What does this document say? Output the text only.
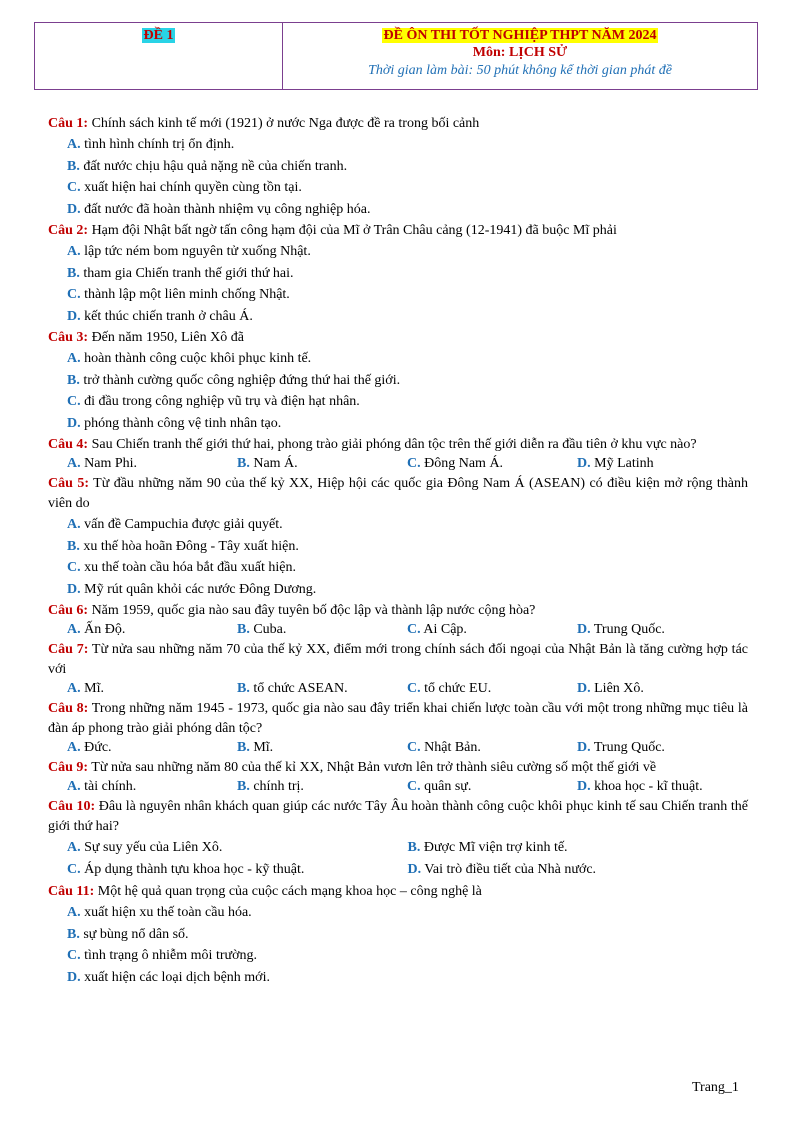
ĐỀ 1	ĐỀ ÔN THI TỐT NGHIỆP THPT NĂM 2024
Môn: LỊCH SỬ
Thời gian làm bài: 50 phút không kể thời gian phát đề
Câu 1: Chính sách kinh tế mới (1921) ở nước Nga được đề ra trong bối cảnh
A. tình hình chính trị ổn định.
B. đất nước chịu hậu quả nặng nề của chiến tranh.
C. xuất hiện hai chính quyền cùng tồn tại.
D. đất nước đã hoàn thành nhiệm vụ công nghiệp hóa.
Câu 2: Hạm đội Nhật bất ngờ tấn công hạm đội của Mĩ ở Trân Châu cảng (12-1941) đã buộc Mĩ phải
A. lập tức ném bom nguyên tử xuống Nhật.
B. tham gia Chiến tranh thế giới thứ hai.
C. thành lập một liên minh chống Nhật.
D. kết thúc chiến tranh ở châu Á.
Câu 3: Đến năm 1950, Liên Xô đã
A. hoàn thành công cuộc khôi phục kinh tế.
B. trở thành cường quốc công nghiệp đứng thứ hai thế giới.
C. đi đầu trong công nghiệp vũ trụ và điện hạt nhân.
D. phóng thành công vệ tinh nhân tạo.
Câu 4: Sau Chiến tranh thế giới thứ hai, phong trào giải phóng dân tộc trên thế giới diễn ra đầu tiên ở khu vực nào?
A. Nam Phi.	B. Nam Á.	C. Đông Nam Á.	D. Mỹ Latinh
Câu 5: Từ đầu những năm 90 của thế kỷ XX, Hiệp hội các quốc gia Đông Nam Á (ASEAN) có điều kiện mở rộng thành viên do
A. vấn đề Campuchia được giải quyết.
B. xu thế hòa hoãn Đông - Tây xuất hiện.
C. xu thế toàn cầu hóa bắt đầu xuất hiện.
D. Mỹ rút quân khỏi các nước Đông Dương.
Câu 6: Năm 1959, quốc gia nào sau đây tuyên bố độc lập và thành lập nước cộng hòa?
A. Ấn Độ.	B. Cuba.	C. Ai Cập.	D. Trung Quốc.
Câu 7: Từ nửa sau những năm 70 của thế kỷ XX, điểm mới trong chính sách đối ngoại của Nhật Bản là tăng cường hợp tác với
A. Mĩ.	B. tổ chức ASEAN.	C. tổ chức EU.	D. Liên Xô.
Câu 8: Trong những năm 1945 - 1973, quốc gia nào sau đây triển khai chiến lược toàn cầu với một trong những mục tiêu là đàn áp phong trào giải phóng dân tộc?
A. Đức.	B. Mĩ.	C. Nhật Bản.	D. Trung Quốc.
Câu 9: Từ nửa sau những năm 80 của thế kỉ XX, Nhật Bản vươn lên trở thành siêu cường số một thế giới về
A. tài chính.	B. chính trị.	C. quân sự.	D. khoa học - kĩ thuật.
Câu 10: Đâu là nguyên nhân khách quan giúp các nước Tây Âu hoàn thành công cuộc khôi phục kinh tế sau Chiến tranh thế giới thứ hai?
A. Sự suy yếu của Liên Xô.	B. Được Mĩ viện trợ kinh tế.
C. Áp dụng thành tựu khoa học - kỹ thuật.	D. Vai trò điều tiết của Nhà nước.
Câu 11: Một hệ quả quan trọng của cuộc cách mạng khoa học – công nghệ là
A. xuất hiện xu thế toàn cầu hóa.
B. sự bùng nổ dân số.
C. tình trạng ô nhiễm môi trường.
D. xuất hiện các loại dịch bệnh mới.
Trang_1
